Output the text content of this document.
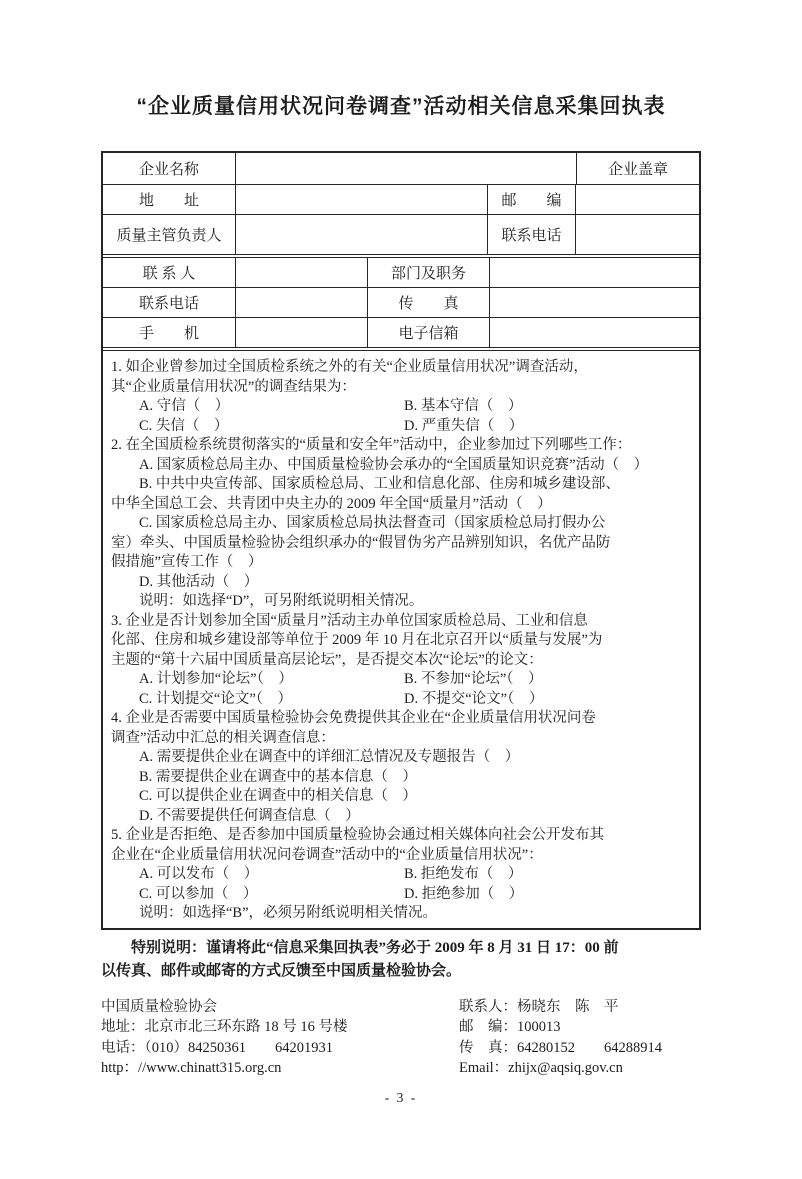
“企业质量信用状况问卷调查”活动相关信息采集回执表
企业名称	企业盖章
地　　址	邮　　编
质量主管负责人	联系电话
联 系 人	部门及职务
联系电话	传　　真
手　　机	电子信箱
1. 如企业曾参加过全国质检系统之外的有关“企业质量信用状况”调查活动，
其“企业质量信用状况”的调查结果为：
A. 守信（　）	B. 基本守信（　）
C. 失信（　）	D. 严重失信（　）
2. 在全国质检系统贯彻落实的“质量和安全年”活动中，企业参加过下列哪些工作：
A. 国家质检总局主办、中国质量检验协会承办的“全国质量知识竞赛”活动（　）
B. 中共中央宣传部、国家质检总局、工业和信息化部、住房和城乡建设部、
中华全国总工会、共青团中央主办的 2009 年全国“质量月”活动（　）
C. 国家质检总局主办、国家质检总局执法督查司（国家质检总局打假办公
室）牵头、中国质量检验协会组织承办的“假冒伪劣产品辨别知识，名优产品防
假措施”宣传工作（　）
D. 其他活动（　）
说明：如选择“D”，可另附纸说明相关情况。
3. 企业是否计划参加全国“质量月”活动主办单位国家质检总局、工业和信息
化部、住房和城乡建设部等单位于 2009 年 10 月在北京召开以“质量与发展”为
主题的“第十六届中国质量高层论坛”，是否提交本次“论坛”的论文：
A. 计划参加“论坛”（　）	B. 不参加“论坛”（　）
C. 计划提交“论文”（　）	D. 不提交“论文”（　）
4. 企业是否需要中国质量检验协会免费提供其企业在“企业质量信用状况问卷
调查”活动中汇总的相关调查信息：
A. 需要提供企业在调查中的详细汇总情况及专题报告（　）
B. 需要提供企业在调查中的基本信息（　）
C. 可以提供企业在调查中的相关信息（　）
D. 不需要提供任何调查信息（　）
5. 企业是否拒绝、是否参加中国质量检验协会通过相关媒体向社会公开发布其
企业在“企业质量信用状况问卷调查”活动中的“企业质量信用状况”：
A. 可以发布（　）	B. 拒绝发布（　）
C. 可以参加（　）	D. 拒绝参加（　）
说明：如选择“B”，必须另附纸说明相关情况。
特别说明：谨请将此“信息采集回执表”务必于 2009 年 8 月 31 日 17：00 前
以传真、邮件或邮寄的方式反馈至中国质量检验协会。
中国质量检验协会
地址：北京市北三环东路 18 号 16 号楼
电话：（010）84250361　　64201931
http：//www.chinatt315.org.cn
联系人：杨晓东　陈　平
邮　编：100013
传　真：64280152　　64288914
Email：zhijx@aqsiq.gov.cn
- 3 -
